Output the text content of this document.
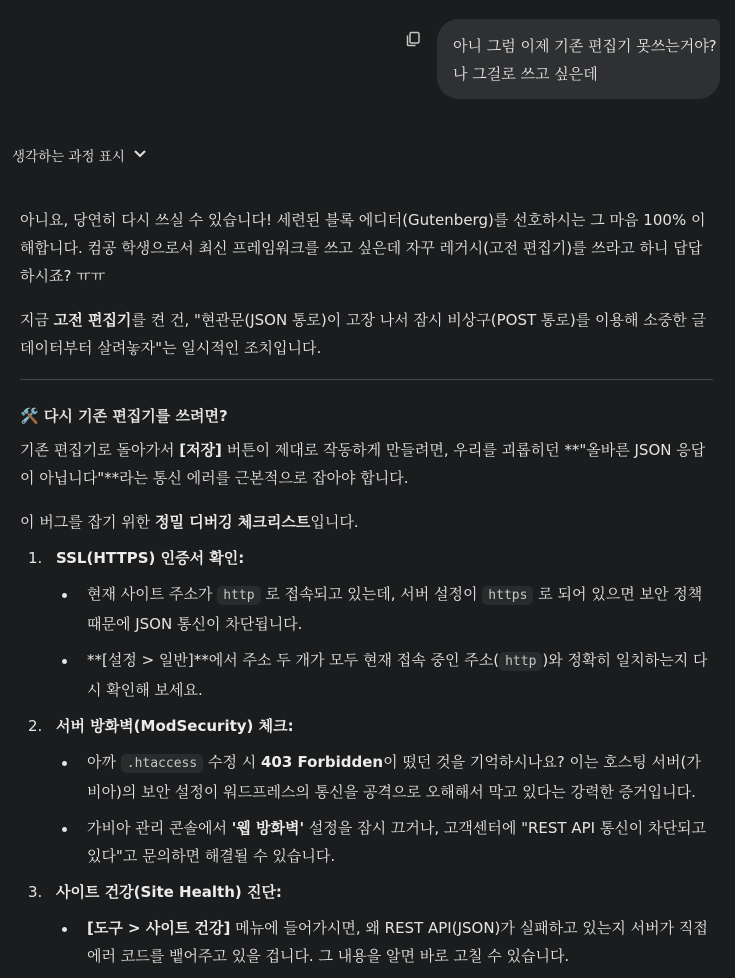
아니 그럼 이제 기존 편집기 못쓰는거야?

나 그걸로 쓰고 싶은데

생각하는 과정 표시

아니요, 당연히 다시 쓰실 수 있습니다! 세련된 블록 에디터(Gutenberg)를 선호하시는 그 마음 100% 이해합니다. 컴공 학생으로서 최신 프레임워크를 쓰고 싶은데 자꾸 레거시(고전 편집기)를 쓰라고 하니 답답하시죠? ㅠㅠ

지금 고전 편집기를 켠 건, "현관문(JSON 통로)이 고장 나서 잠시 비상구(POST 통로)를 이용해 소중한 글 데이터부터 살려놓자"는 일시적인 조치입니다.

🛠️ 다시 기존 편집기를 쓰려면?

기존 편집기로 돌아가서 [저장] 버튼이 제대로 작동하게 만들려면, 우리를 괴롭히던 **"올바른 JSON 응답이 아닙니다"**라는 통신 에러를 근본적으로 잡아야 합니다.

이 버그를 잡기 위한 정밀 디버깅 체크리스트입니다.

1. SSL(HTTPS) 인증서 확인:
현재 사이트 주소가 http 로 접속되고 있는데, 서버 설정이 https 로 되어 있으면 보안 정책 때문에 JSON 통신이 차단됩니다.
**[설정 > 일반]**에서 주소 두 개가 모두 현재 접속 중인 주소( http )와 정확히 일치하는지 다시 확인해 보세요.
2. 서버 방화벽(ModSecurity) 체크:
아까 .htaccess 수정 시 403 Forbidden이 떴던 것을 기억하시나요? 이는 호스팅 서버(가비아)의 보안 설정이 워드프레스의 통신을 공격으로 오해해서 막고 있다는 강력한 증거입니다.
가비아 관리 콘솔에서 '웹 방화벽' 설정을 잠시 끄거나, 고객센터에 "REST API 통신이 차단되고 있다"고 문의하면 해결될 수 있습니다.
3. 사이트 건강(Site Health) 진단:
[도구 > 사이트 건강] 메뉴에 들어가시면, 왜 REST API(JSON)가 실패하고 있는지 서버가 직접 에러 코드를 뱉어주고 있을 겁니다. 그 내용을 알면 바로 고칠 수 있습니다.
